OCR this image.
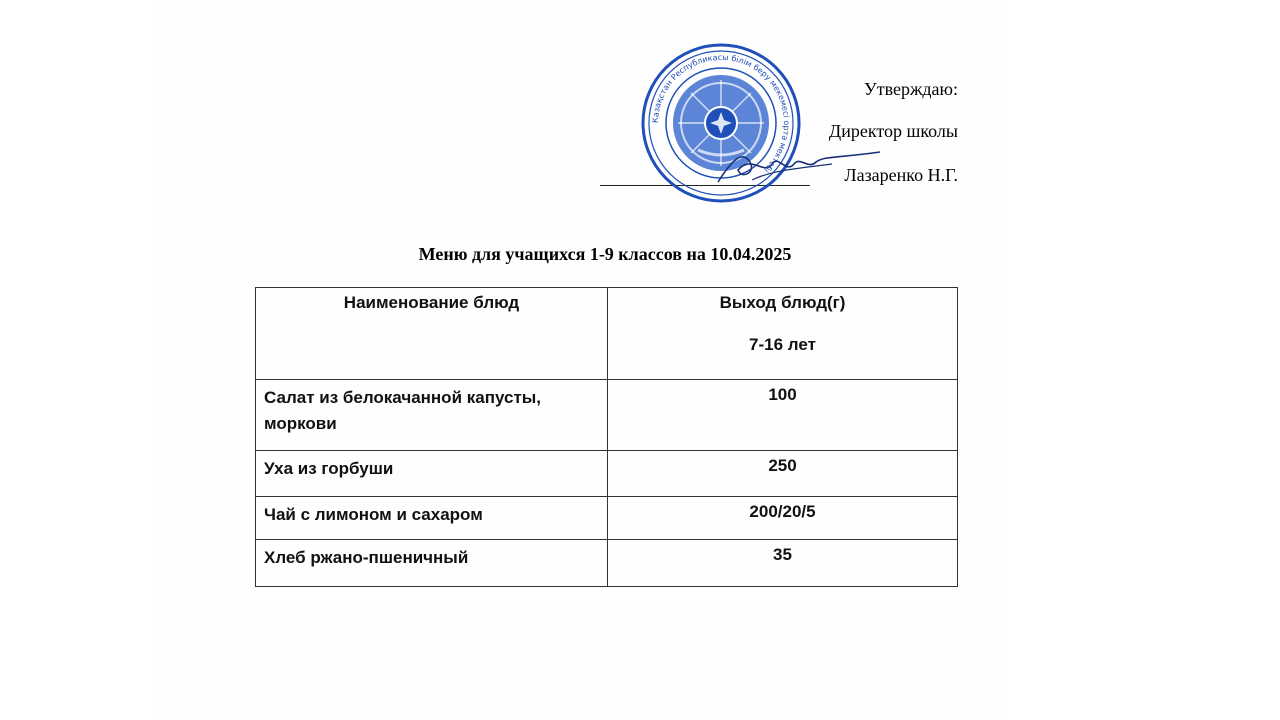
Утверждаю:
Директор школы
Лазаренко Н.Г.
Казақстан Республикасы білім беру мекемесі орта мектебі
Меню для учащихся 1-9 классов на 10.04.2025
Наименование блюд	Выход блюд(г)
7-16 лет

Салат из белокачанной капусты, моркови	100
Уха из горбуши	250
Чай с лимоном и сахаром	200/20/5
Хлеб ржано-пшеничный	35
